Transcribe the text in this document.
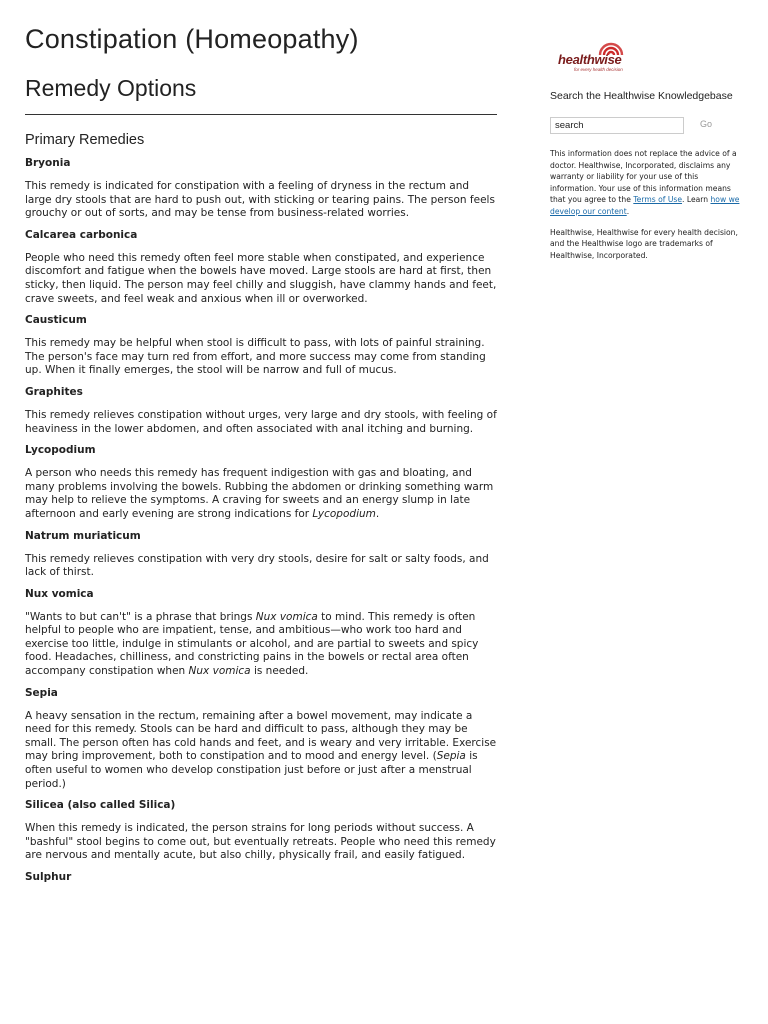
Constipation (Homeopathy)
Remedy Options
Primary Remedies

Bryonia

This remedy is indicated for constipation with a feeling of dryness in the rectum and large dry stools that are hard to push out, with sticking or tearing pains. The person feels grouchy or out of sorts, and may be tense from business-related worries.

Calcarea carbonica

People who need this remedy often feel more stable when constipated, and experience discomfort and fatigue when the bowels have moved. Large stools are hard at first, then sticky, then liquid. The person may feel chilly and sluggish, have clammy hands and feet, crave sweets, and feel weak and anxious when ill or overworked.

Causticum

This remedy may be helpful when stool is difficult to pass, with lots of painful straining. The person's face may turn red from effort, and more success may come from standing up. When it finally emerges, the stool will be narrow and full of mucus.

Graphites

This remedy relieves constipation without urges, very large and dry stools, with feeling of heaviness in the lower abdomen, and often associated with anal itching and burning.

Lycopodium

A person who needs this remedy has frequent indigestion with gas and bloating, and many problems involving the bowels. Rubbing the abdomen or drinking something warm may help to relieve the symptoms. A craving for sweets and an energy slump in late afternoon and early evening are strong indications for Lycopodium.

Natrum muriaticum

This remedy relieves constipation with very dry stools, desire for salt or salty foods, and lack of thirst.

Nux vomica

"Wants to but can't" is a phrase that brings Nux vomica to mind. This remedy is often helpful to people who are impatient, tense, and ambitious—who work too hard and exercise too little, indulge in stimulants or alcohol, and are partial to sweets and spicy food. Headaches, chilliness, and constricting pains in the bowels or rectal area often accompany constipation when Nux vomica is needed.

Sepia

A heavy sensation in the rectum, remaining after a bowel movement, may indicate a need for this remedy. Stools can be hard and difficult to pass, although they may be small. The person often has cold hands and feet, and is weary and very irritable. Exercise may bring improvement, both to constipation and to mood and energy level. (Sepia is often useful to women who develop constipation just before or just after a menstrual period.)

Silicea (also called Silica)

When this remedy is indicated, the person strains for long periods without success. A "bashful" stool begins to come out, but eventually retreats. People who need this remedy are nervous and mentally acute, but also chilly, physically frail, and easily fatigued.

Sulphur

healthwise
for every health decision
Search the Healthwise Knowledgebase
search
Go

This information does not replace the advice of a doctor. Healthwise, Incorporated, disclaims any warranty or liability for your use of this information. Your use of this information means that you agree to the Terms of Use. Learn how we develop our content.

Healthwise, Healthwise for every health decision, and the Healthwise logo are trademarks of Healthwise, Incorporated.
